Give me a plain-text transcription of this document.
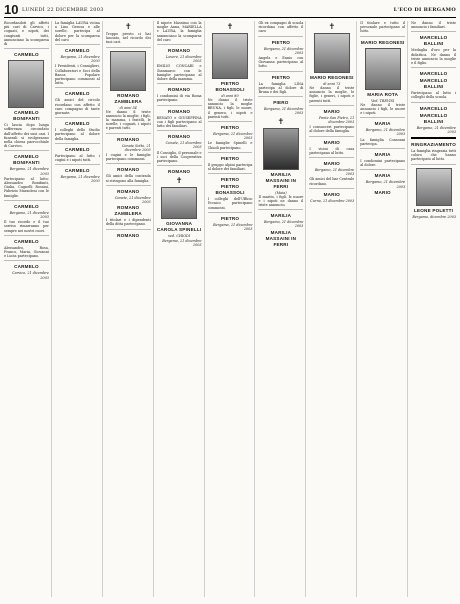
10 LUNEDÌ 22 DICEMBRE 2003	L'ECO DI BERGAMO
Ricordandoti gli affetti più cari di Carvico, i cognati, e nipoti, dei congiunti tutti, annunciano la scomparsa di
CARMELO
CARMELO BONIFANTI
Ci lascia dopo lunga sofferenza circondato dall'affetto dei suoi cari. I funerali si svolgeranno nella chiesa parrocchiale di Carvico.
CARMELO BONIFANTI
Bergamo, 21 dicembre 2003
Partecipano al lutto: Alessandro Bonifanti, Giulia, Cugnelli Rossini, Fabrizio Mazzoleni con le famiglie.
CARMELO
Bergamo, 21 dicembre 2003
Il tuo ricordo e il tuo sorriso rimarranno per sempre nei nostri cuori.
CARMELO
Alessandro, Rosa, Franco, Maria, Giovanni e Lucia partecipano.
CARMELO
Carvico, 21 dicembre 2003
La famiglia LAURA vicina a Lino Gerosa e alle sorelle, partecipa al dolore per la scomparsa del caro
CARMELO
Bergamo, 21 dicembre 2003
I Presidenti, i Consiglieri, Collaboratori e Soci della Banca Popolare partecipano commossi al lutto.
CARMELO
Gli amici del circolo ricordano con affetto il caro compagno di tante giornate.
CARMELO
I colleghi dello Studio partecipano al dolore della famiglia.
CARMELO
Partecipano al lutto i cugini e i nipoti tutti.
CARMELO
Bergamo, 21 dicembre 2003
✝
Troppo presto ci hai lasciato, nel ricordo dei tuoi cari.
ROMANO ZAMBLERA
di anni 54
Ne danno il triste annuncio la moglie, i figli, la mamma, i fratelli, le sorelle, i cognati, i nipoti e parenti tutti.
ROMANO
Cenate Sotto, 21 dicembre 2003
I cugini e le famiglie partecipano commossi.
ROMANO
Gli amici della contrada si stringono alla famiglia.
ROMANO
Cenate, 21 dicembre 2003
ROMANO ZAMBLERA
I titolari e i dipendenti della ditta partecipano.
ROMANO
Il nipote Massimo con la moglie Anna, MARIELLA e LAURA, la famiglia annunciano la scomparsa del caro
ROMANO
Lovere, 21 dicembre 2003
EMILIO CONCARI e Gianmarco con le famiglie partecipano al dolore della mamma.
ROMANO
I condomini di via Roma partecipano.
ROMANO
RENATO e GIUSEPPINA con i figli partecipano al lutto dei familiari.
ROMANO
Cenate, 21 dicembre 2003
Il Consiglio, il personale e i soci della Cooperativa partecipano.
ROMANO
✝
GIOVANNA CAROLA SPINELLI
ved. CHIODI
Bergamo, 21 dicembre 2003
✝
PIETRO BONASSOLI
di anni 80
Ne danno il triste annuncio la moglie BRUNA, i figli, le nuore, il genero, i nipoti e parenti tutti.
PIETRO
Bergamo, 21 dicembre 2003
Le famiglie Spinelli e Chiodi partecipano.
PIETRO
Il gruppo alpini partecipa al dolore dei familiari.
PIETRO
PIETRO BONASSOLI
I colleghi dell'Ufficio Tecnico partecipano commossi.
PIETRO
Bergamo, 21 dicembre 2003
Gli ex compagni di scuola ricordano con affetto il caro
PIETRO
Bergamo, 21 dicembre 2003
Angela e Ennio con Giovanna partecipano al lutto.
PIETRO
La famiglia LINA partecipa al dolore di Bruna e dei figli.
PIERO
Bergamo, 21 dicembre 2003
✝
MARILIA MASSAINI IN FERRI
(Maia)
Il marito, i figli, le nuore e i nipoti ne danno il triste annuncio.
MARILIA
Bergamo, 21 dicembre 2003
MARILIA MASSAINI IN FERRI
✝
MARIO REGONESI
di anni 73
Ne danno il triste annuncio la moglie, le figlie, i generi, i nipoti e parenti tutti.
MARIO
Ponte San Pietro, 21 dicembre 2003
I consuoceri partecipano al dolore della famiglia.
MARIO
I vicini di casa partecipano al lutto.
MARIO
Bergamo, 21 dicembre 2003
Gli amici del bar Centrale ricordano.
MARIO
Curno, 21 dicembre 2003
Il titolare e tutto il personale partecipano al lutto.
MARIO REGONESI
MARIA ROTA
Ved. TREVISI
Ne danno il triste annuncio i figli, le nuore e i nipoti.
MARIA
Bergamo, 21 dicembre 2003
La famiglia Consonni partecipa.
MARIA
I condomini partecipano al dolore.
MARIA
Bergamo, 21 dicembre 2003
MARIO
Ne danno il triste annuncio i familiari.
MARCELLO BALLINI
Medaglia d'oro per la didattica. Ne danno il triste annuncio la moglie e il figlio.
MARCELLO
MARCELLO BALLINI
Partecipano al lutto i colleghi della scuola.
MARCELLO
MARCELLO BALLINI
Bergamo, 21 dicembre 2003
RINGRAZIAMENTO
La famiglia ringrazia tutti coloro che hanno partecipato al lutto.
LEONE POLETTI
Bergamo, dicembre 2003
